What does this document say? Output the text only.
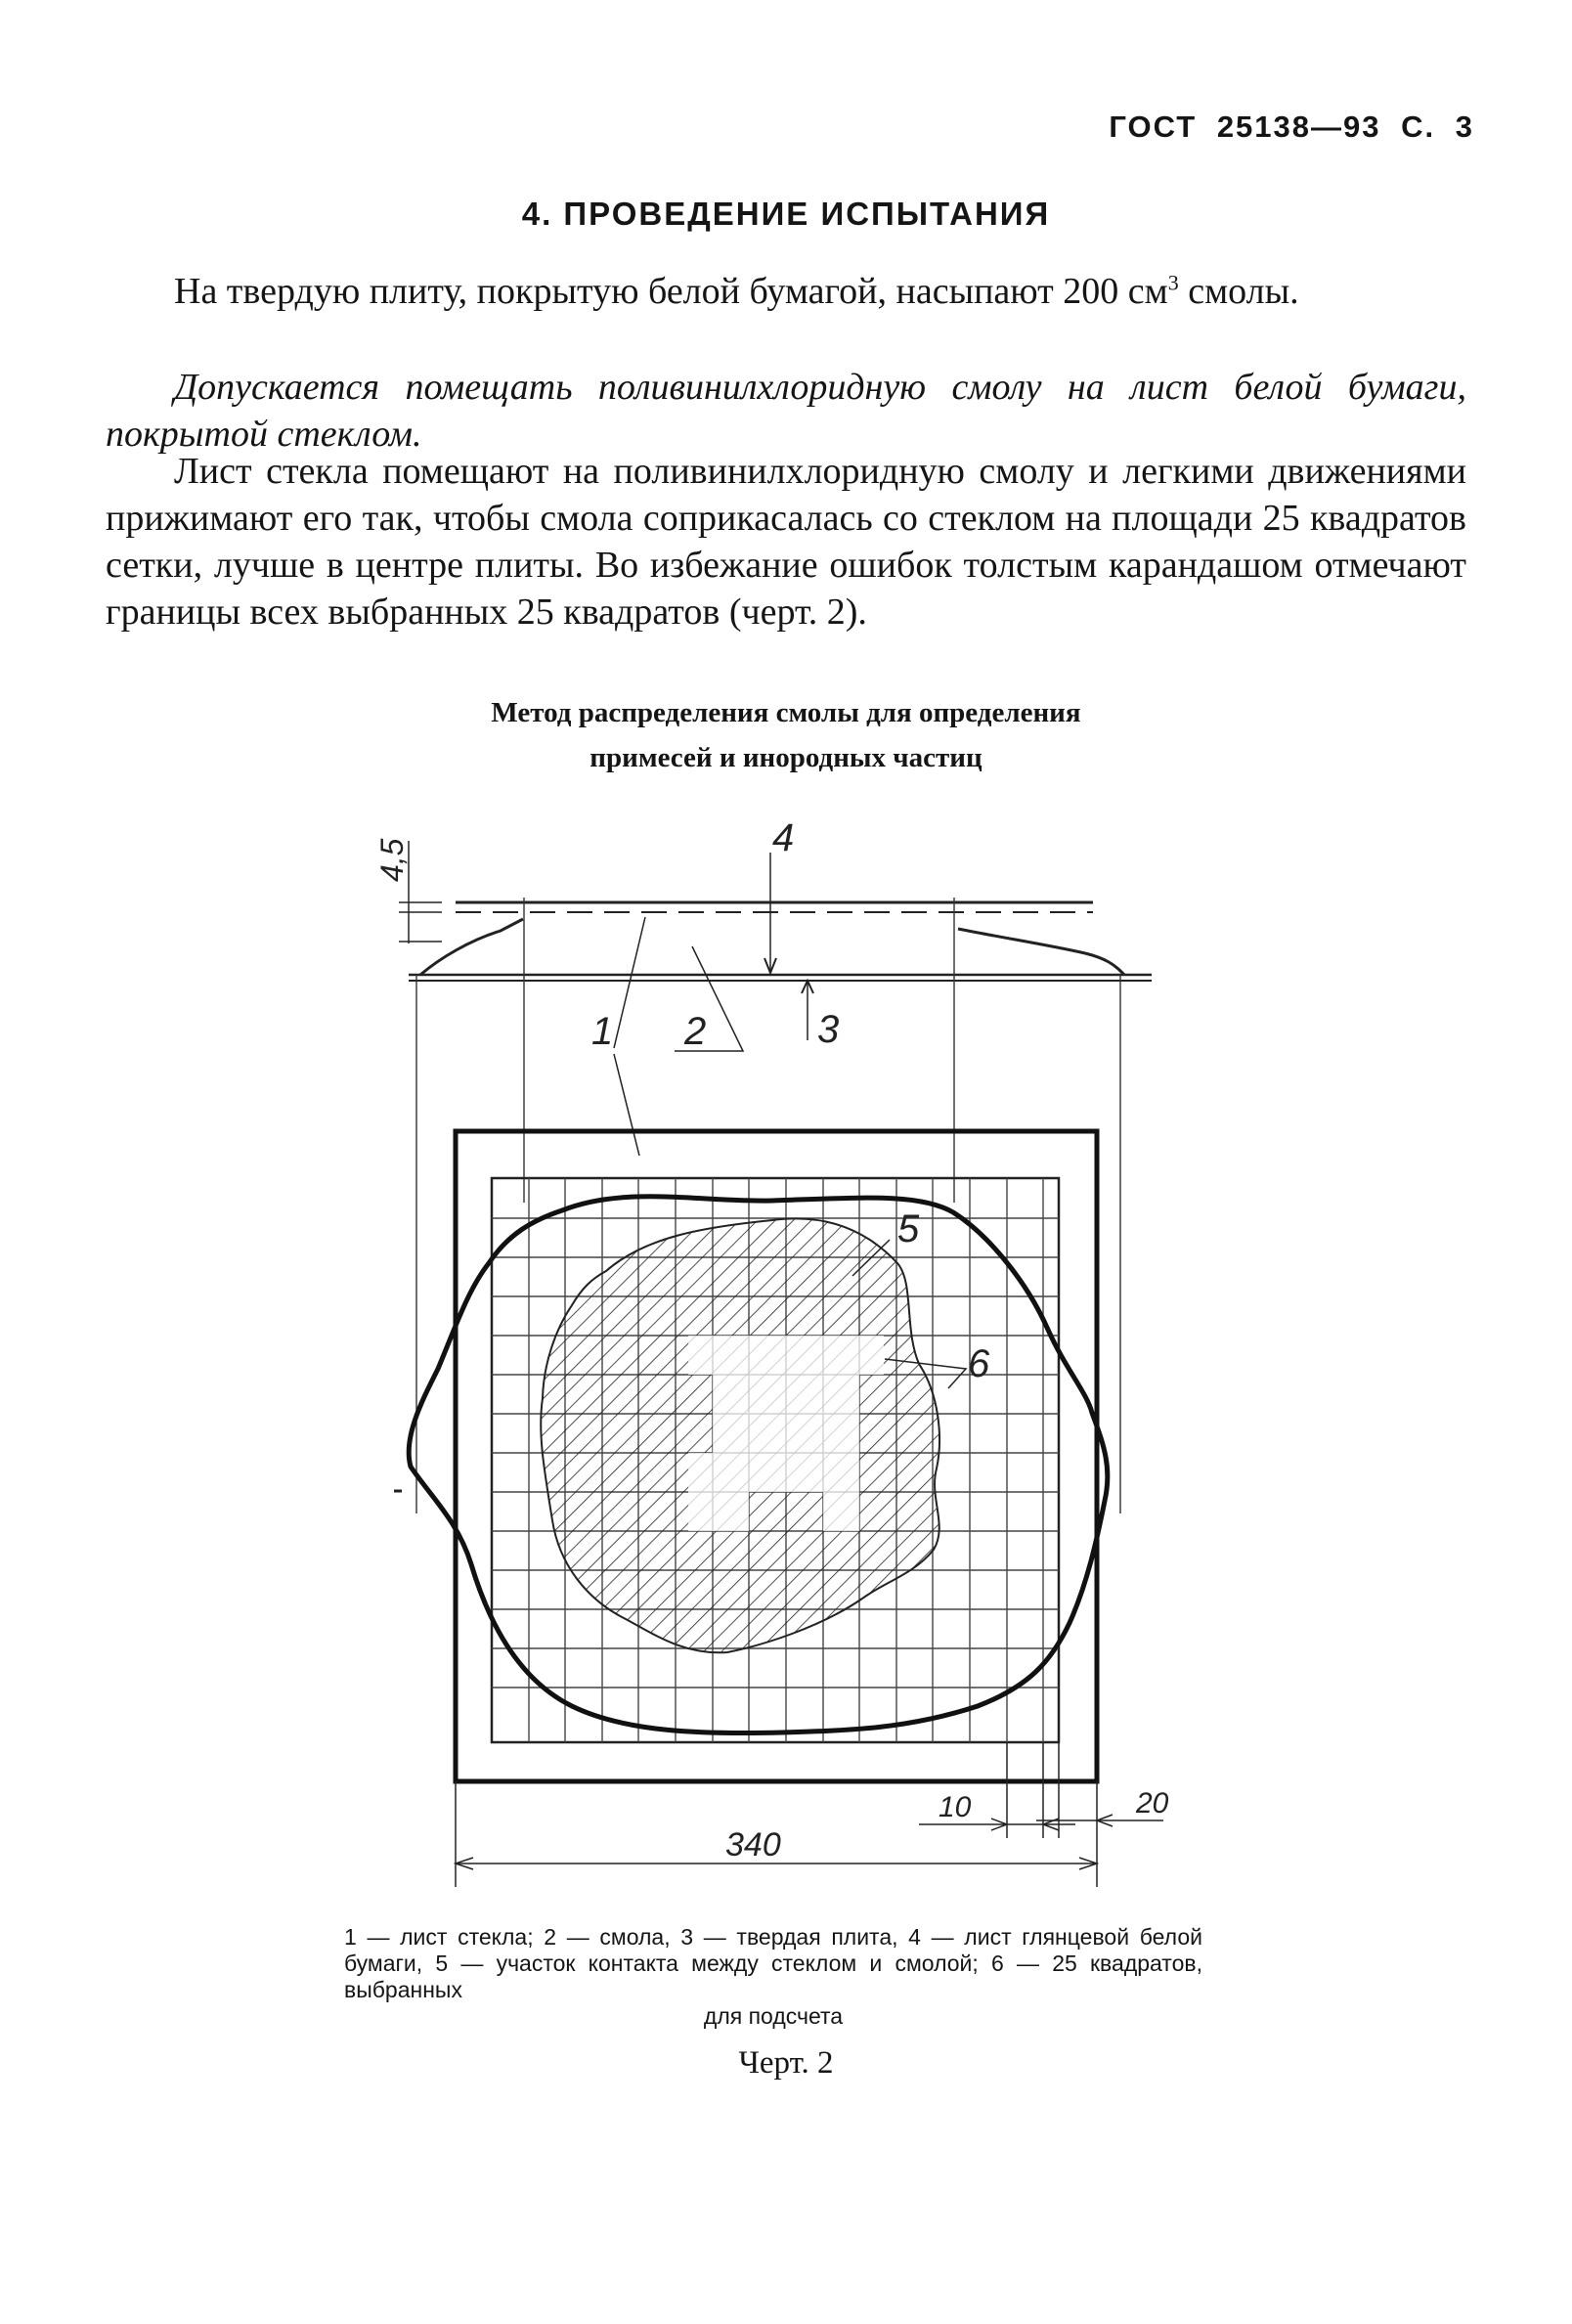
ГОСТ 25138—93 С. 3
4. ПРОВЕДЕНИЕ ИСПЫТАНИЯ

На твердую плиту, покрытую белой бумагой, насыпают 200 $см^3$ смолы.

Допускается помещать поливинилхлоридную смолу на лист белой бумаги, покрытой стеклом.

Лист стекла помещают на поливинилхлоридную смолу и легкими движениями прижимают его так, чтобы смола соприкасалась со стеклом на площади 25 квадратов сетки, лучше в центре плиты. Во избежание ошибок толстым карандашом отмечают границы всех выбранных 25 квадратов (черт. 2).

Метод распределения смолы для определения
примесей и инородных частиц
1 2	3
4
5
6
4,5
340
10	20

1 — лист стекла; 2 — смола, 3 — твердая плита, 4 — лист глянцевой белой бумаги, 5 — участок контакта между стеклом и смолой; 6 — 25 квадратов, выбранных
для подсчета

Черт. 2
